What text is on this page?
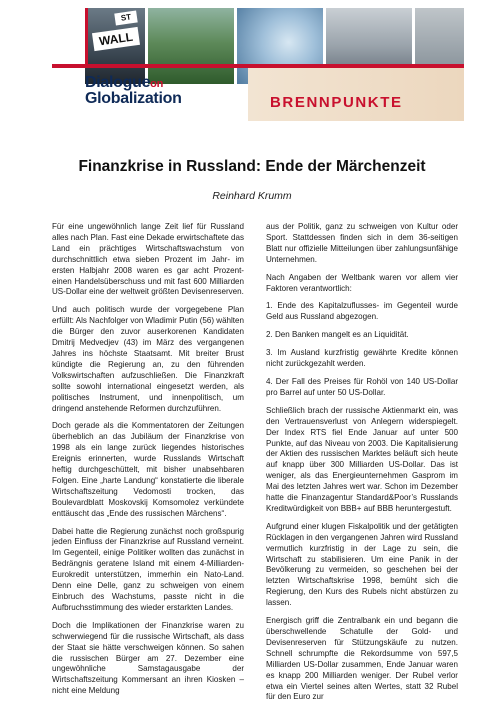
WALL
ST
Dialogueon
Globalization	BRENNPUNKTE
Finanzkrise in Russland: Ende der Märchenzeit
Reinhard Krumm

Für eine ungewöhnlich lange Zeit lief für Russland alles nach Plan. Fast eine Dekade erwirtschaftete das Land ein prächtiges Wirtschaftswachstum von durchschnittlich etwa sieben Prozent im Jahr- im ersten Halbjahr 2008 waren es gar acht Prozent- einen Handelsüberschuss und mit fast 600 Milliarden US-Dollar eine der weltweit größten Devisenreserven.

Und auch politisch wurde der vorgegebene Plan erfüllt: Als Nachfolger von Wladimir Putin (56) wählten die Bürger den zuvor auserkorenen Kandidaten Dmitrij Medvedjev (43) im März des vergangenen Jahres ins höchste Staatsamt. Mit breiter Brust kündigte die Regierung an, zu den führenden Volkswirtschaften aufzuschließen. Die Finanzkraft sollte sowohl international eingesetzt werden, als politisches Instrument, und innenpolitisch, um dringend anstehende Reformen durchzuführen.

Doch gerade als die Kommentatoren der Zeitungen überheblich an das Jubiläum der Finanzkrise von 1998 als ein lange zurück liegendes historisches Ereignis erinnerten, wurde Russlands Wirtschaft heftig durchgeschüttelt, mit bisher unabsehbaren Folgen. Eine „harte Landung“ konstatierte die liberale Wirtschaftszeitung Vedomosti trocken, das Boulevardblatt Moskovskij Komsomolez verkündete enttäuscht das „Ende des russischen Märchens“.

Dabei hatte die Regierung zunächst noch großspurig jeden Einfluss der Finanzkrise auf Russland verneint. Im Gegenteil, einige Politiker wollten das zunächst in Bedrängnis geratene Island mit einem 4-Milliarden-Eurokredit unterstützen, immerhin ein Nato-Land. Denn eine Delle, ganz zu schweigen von einem Einbruch des Wachstums, passte nicht in die Aufbruchsstimmung des wieder erstarkten Landes.

Doch die Implikationen der Finanzkrise waren zu schwerwiegend für die russische Wirtschaft, als dass der Staat sie hätte verschweigen können. So sahen die russischen Bürger am 27. Dezember eine ungewöhnliche Samstagausgabe der Wirtschaftszeitung Kommersant an ihren Kiosken – nicht eine Meldung

aus der Politik, ganz zu schweigen von Kultur oder Sport. Stattdessen finden sich in dem 36-seitigen Blatt nur offizielle Mitteilungen über zahlungsunfähige Unternehmen.

Nach Angaben der Weltbank waren vor allem vier Faktoren verantwortlich:

1. Ende des Kapitalzuflusses- im Gegenteil wurde Geld aus Russland abgezogen.

2. Den Banken mangelt es an Liquidität.

3. Im Ausland kurzfristig gewährte Kredite können nicht zurückgezahlt werden.

4. Der Fall des Preises für Rohöl von 140 US-Dollar pro Barrel auf unter 50 US-Dollar.

Schließlich brach der russische Aktienmarkt ein, was den Vertrauensverlust von Anlegern widerspiegelt. Der Index RTS fiel Ende Januar auf unter 500 Punkte, auf das Niveau von 2003. Die Kapitalisierung der Aktien des russischen Marktes beläuft sich heute auf knapp über 300 Milliarden US-Dollar. Das ist weniger, als das Energieunternehmen Gasprom im Mai des letzten Jahres wert war. Schon im Dezember hatte die Finanzagentur Standard&Poor’s Russlands Kreditwürdigkeit von BBB+ auf BBB heruntergestuft.

Aufgrund einer klugen Fiskalpolitik und der getätigten Rücklagen in den vergangenen Jahren wird Russland vermutlich kurzfristig in der Lage zu sein, die Wirtschaft zu stabilisieren. Um eine Panik in der Bevölkerung zu vermeiden, so geschehen bei der letzten Wirtschaftskrise 1998, bemüht sich die Regierung, den Kurs des Rubels nicht abstürzen zu lassen.

Energisch griff die Zentralbank ein und begann die überschwellende Schatulle der Gold- und Devisenreserven für Stützungskäufe zu nutzen. Schnell schrumpfte die Rekordsumme von 597,5 Milliarden US-Dollar zusammen, Ende Januar waren es knapp 200 Milliarden weniger. Der Rubel verlor etwa ein Viertel seines alten Wertes, statt 32 Rubel für den Euro zur
